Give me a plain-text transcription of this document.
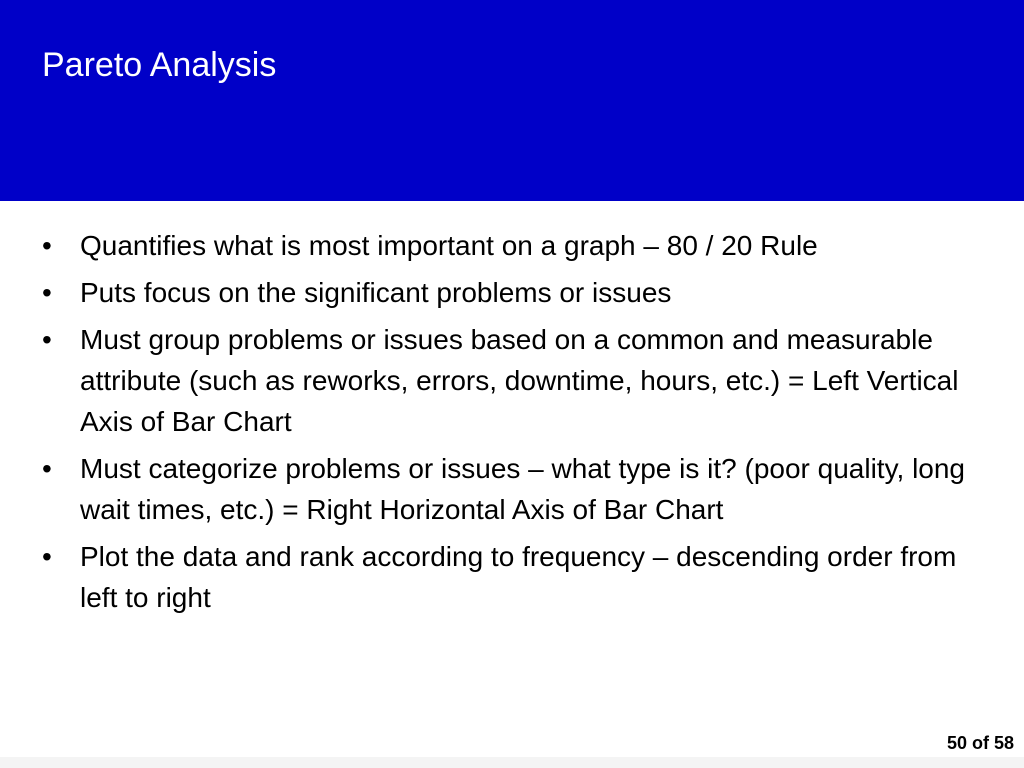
Pareto Analysis
• Quantifies what is most important on a graph – 80 / 20 Rule
• Puts focus on the significant problems or issues
• Must group problems or issues based on a common and measurable attribute (such as reworks, errors, downtime, hours, etc.) = Left Vertical Axis of Bar Chart
• Must categorize problems or issues – what type is it? (poor quality, long wait times, etc.) = Right Horizontal Axis of Bar Chart
• Plot the data and rank according to frequency – descending order from left to right
50 of 58
